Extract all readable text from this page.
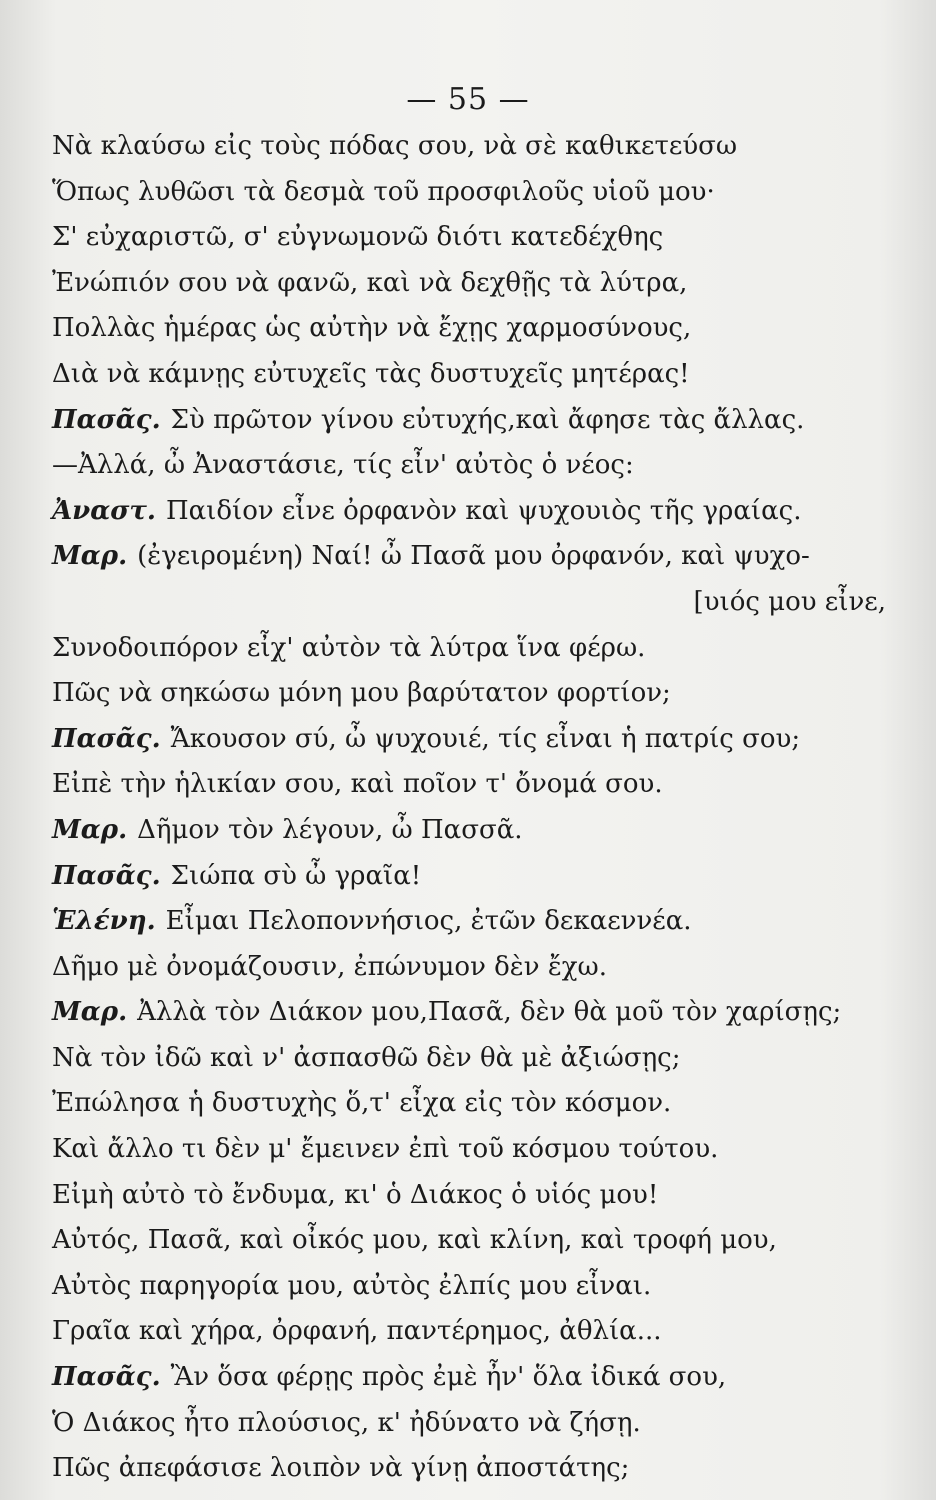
— 55 —
Νὰ κλαύσω εἰς τοὺς πόδας σου, νὰ σὲ καθικετεύσω
Ὅπως λυθῶσι τὰ δεσμὰ τοῦ προσφιλοῦς υἱοῦ μου·
Σ' εὐχαριστῶ, σ' εὐγνωμονῶ διότι κατεδέχθης
Ἐνώπιόν σου νὰ φανῶ, καὶ νὰ δεχθῇς τὰ λύτρα,
Πολλὰς ἡμέρας ὡς αὐτὴν νὰ ἔχῃς χαρμοσύνους,
Διὰ νὰ κάμνῃς εὐτυχεῖς τὰς δυστυχεῖς μητέρας!
Πασᾶς. Σὺ πρῶτον γίνου εὐτυχής,καὶ ἄφησε τὰς ἄλλας.
—Ἀλλά, ὦ Ἀναστάσιε, τίς εἶν' αὐτὸς ὁ νέος:
Ἀναστ. Παιδίον εἶνε ὀρφανὸν καὶ ψυχουιὸς τῆς γραίας.
Μαρ. (ἐγειρομένη) Ναί! ὦ Πασᾶ μου ὀρφανόν, καὶ ψυχο-
[υιός μου εἶνε,
Συνοδοιπόρον εἶχ' αὐτὸν τὰ λύτρα ἵνα φέρω.
Πῶς νὰ σηκώσω μόνη μου βαρύτατον φορτίον;
Πασᾶς. Ἄκουσον σύ, ὦ ψυχουιέ, τίς εἶναι ἡ πατρίς σου;
Εἰπὲ τὴν ἡλικίαν σου, καὶ ποῖον τ' ὄνομά σου.
Μαρ. Δῆμον τὸν λέγουν, ὦ Πασσᾶ.
Πασᾶς. Σιώπα σὺ ὦ γραῖα!
Ἑλένη. Εἶμαι Πελοποννήσιος, ἐτῶν δεκαεννέα.
Δῆμο μὲ ὀνομάζουσιν, ἐπώνυμον δὲν ἔχω.
Μαρ. Ἀλλὰ τὸν Διάκον μου,Πασᾶ, δὲν θὰ μοῦ τὸν χαρίσῃς;
Νὰ τὸν ἰδῶ καὶ ν' ἀσπασθῶ δὲν θὰ μὲ ἀξιώσῃς;
Ἐπώλησα ἡ δυστυχὴς ὅ,τ' εἶχα εἰς τὸν κόσμον.
Καὶ ἄλλο τι δὲν μ' ἔμεινεν ἐπὶ τοῦ κόσμου τούτου.
Εἰμὴ αὐτὸ τὸ ἔνδυμα, κι' ὁ Διάκος ὁ υἱός μου!
Αὐτός, Πασᾶ, καὶ οἶκός μου, καὶ κλίνη, καὶ τροφή μου,
Αὐτὸς παρηγορία μου, αὐτὸς ἐλπίς μου εἶναι.
Γραῖα καὶ χήρα, ὀρφανή, παντέρημος, ἀθλία...
Πασᾶς. Ἂν ὅσα φέρῃς πρὸς ἐμὲ ἦν' ὅλα ἰδικά σου,
Ὁ Διάκος ἦτο πλούσιος, κ' ἠδύνατο νὰ ζήσῃ.
Πῶς ἀπεφάσισε λοιπὸν νὰ γίνῃ ἀποστάτης;
